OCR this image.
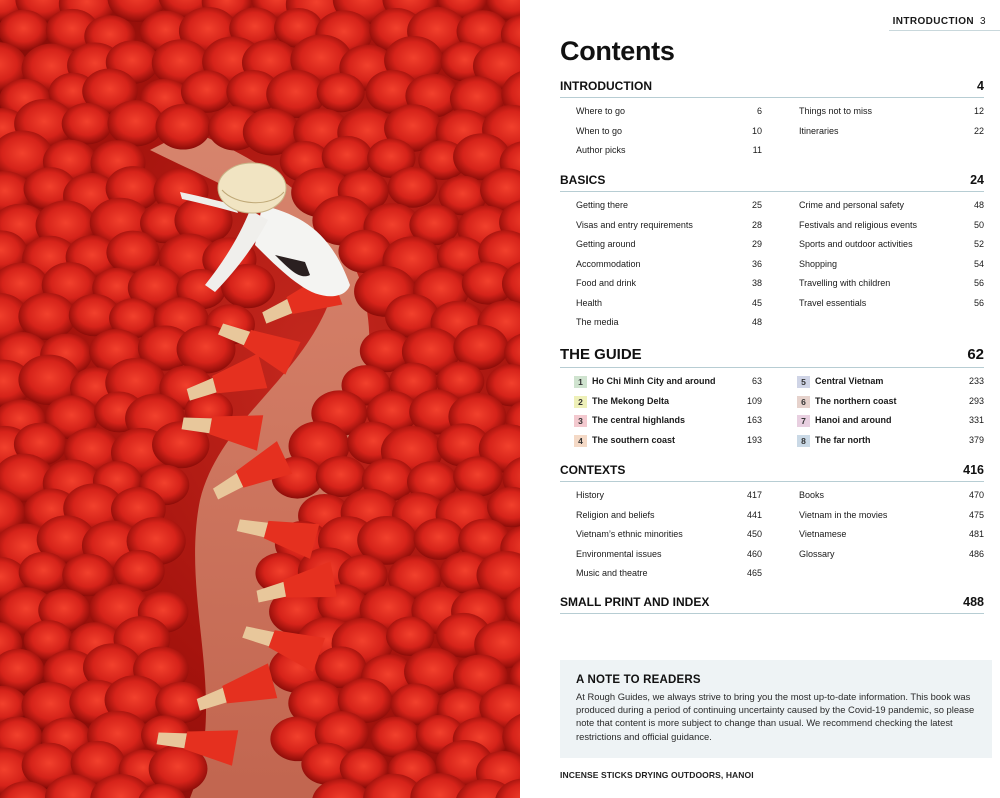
INTRODUCTION 3
Contents
INTRODUCTION	4
Where to go	6
When to go	10
Author picks	11
Things not to miss	12
Itineraries	22
BASICS	24
Getting there	25
Visas and entry requirements	28
Getting around	29
Accommodation	36
Food and drink	38
Health	45
The media	48
Crime and personal safety	48
Festivals and religious events	50
Sports and outdoor activities	52
Shopping	54
Travelling with children	56
Travel essentials	56
THE GUIDE	62
1	Ho Chi Minh City and around	63
2	The Mekong Delta	109
3	The central highlands	163
4	The southern coast	193
5	Central Vietnam	233
6	The northern coast	293
7	Hanoi and around	331
8	The far north	379
CONTEXTS	416
History	417
Religion and beliefs	441
Vietnam’s ethnic minorities	450
Environmental issues	460
Music and theatre	465
Books	470
Vietnam in the movies	475
Vietnamese	481
Glossary	486
SMALL PRINT AND INDEX	488
A NOTE TO READERS
At Rough Guides, we always strive to bring you the most up-to-date information. This book was produced during a period of continuing uncertainty caused by the Covid-19 pandemic, so please note that content is more subject to change than usual. We recommend checking the latest restrictions and official guidance.
INCENSE STICKS DRYING OUTDOORS, HANOI
